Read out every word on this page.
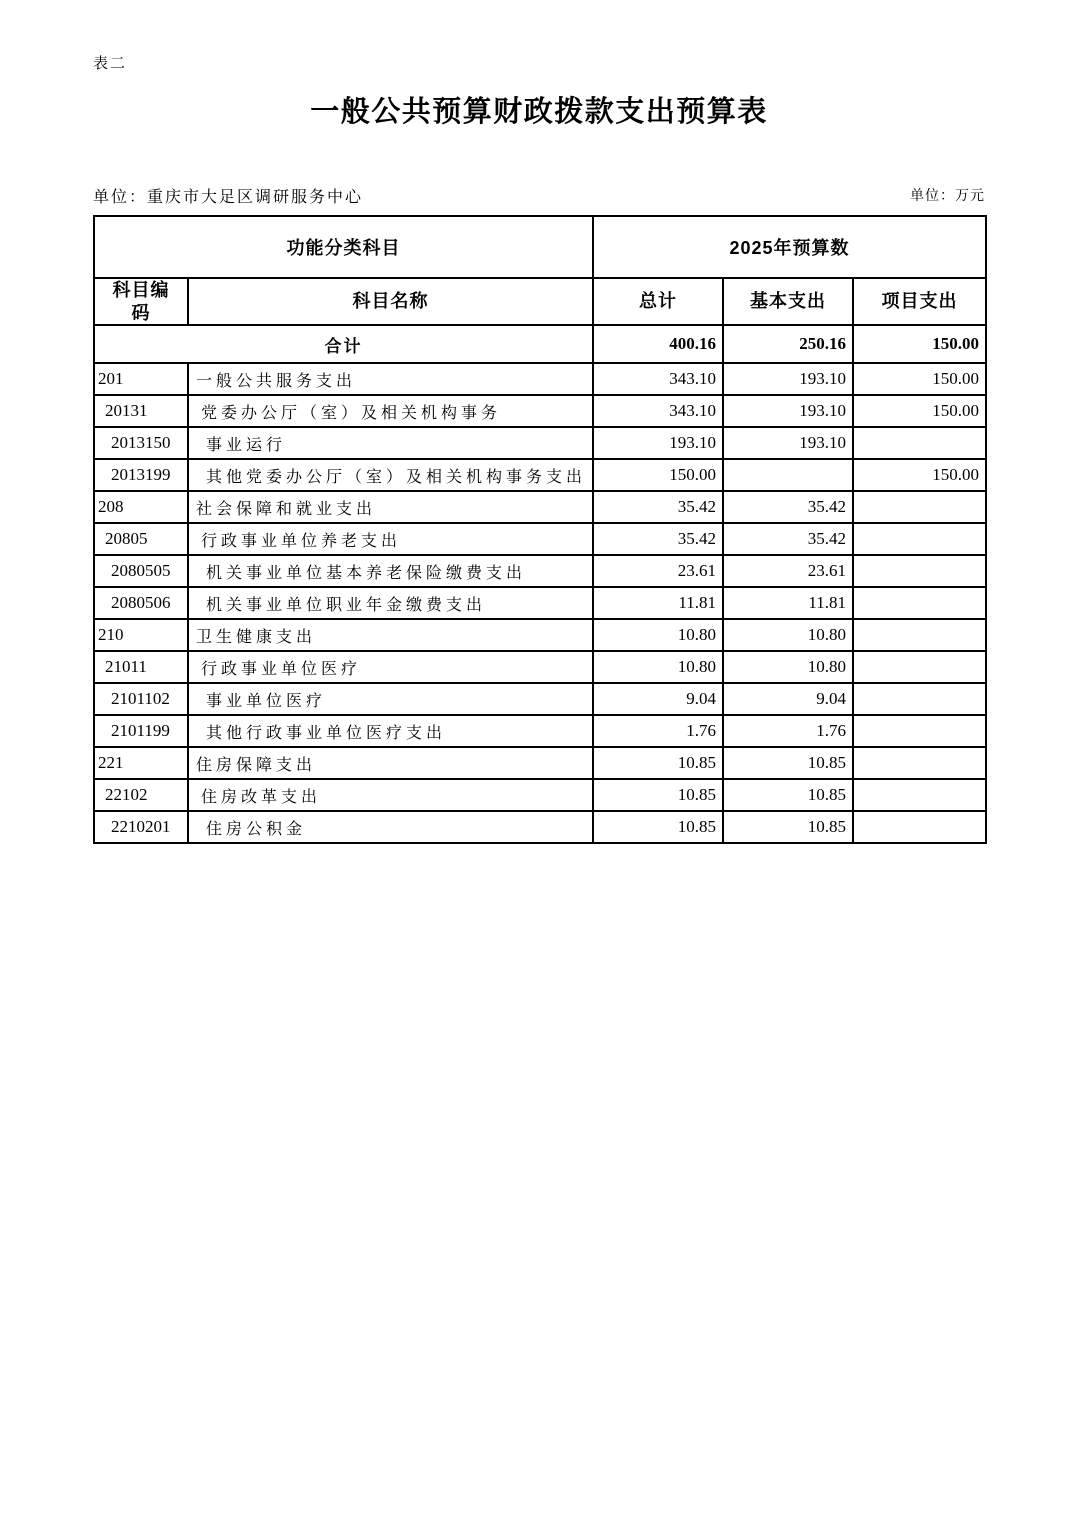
表二
一般公共预算财政拨款支出预算表
单位：重庆市大足区调研服务中心	单位：万元
功能分类科目		2025年预算数		
科目编码	科目名称	总计	基本支出	项目支出
合计		400.16	250.16	150.00
201	一般公共服务支出	343.10	193.10	150.00
20131	党委办公厅（室）及相关机构事务	343.10	193.10	150.00
2013150	事业运行	193.10	193.10	
2013199	其他党委办公厅（室）及相关机构事务支出	150.00		150.00
208	社会保障和就业支出	35.42	35.42	
20805	行政事业单位养老支出	35.42	35.42	
2080505	机关事业单位基本养老保险缴费支出	23.61	23.61	
2080506	机关事业单位职业年金缴费支出	11.81	11.81	
210	卫生健康支出	10.80	10.80	
21011	行政事业单位医疗	10.80	10.80	
2101102	事业单位医疗	9.04	9.04	
2101199	其他行政事业单位医疗支出	1.76	1.76	
221	住房保障支出	10.85	10.85	
22102	住房改革支出	10.85	10.85	
2210201	住房公积金	10.85	10.85	
